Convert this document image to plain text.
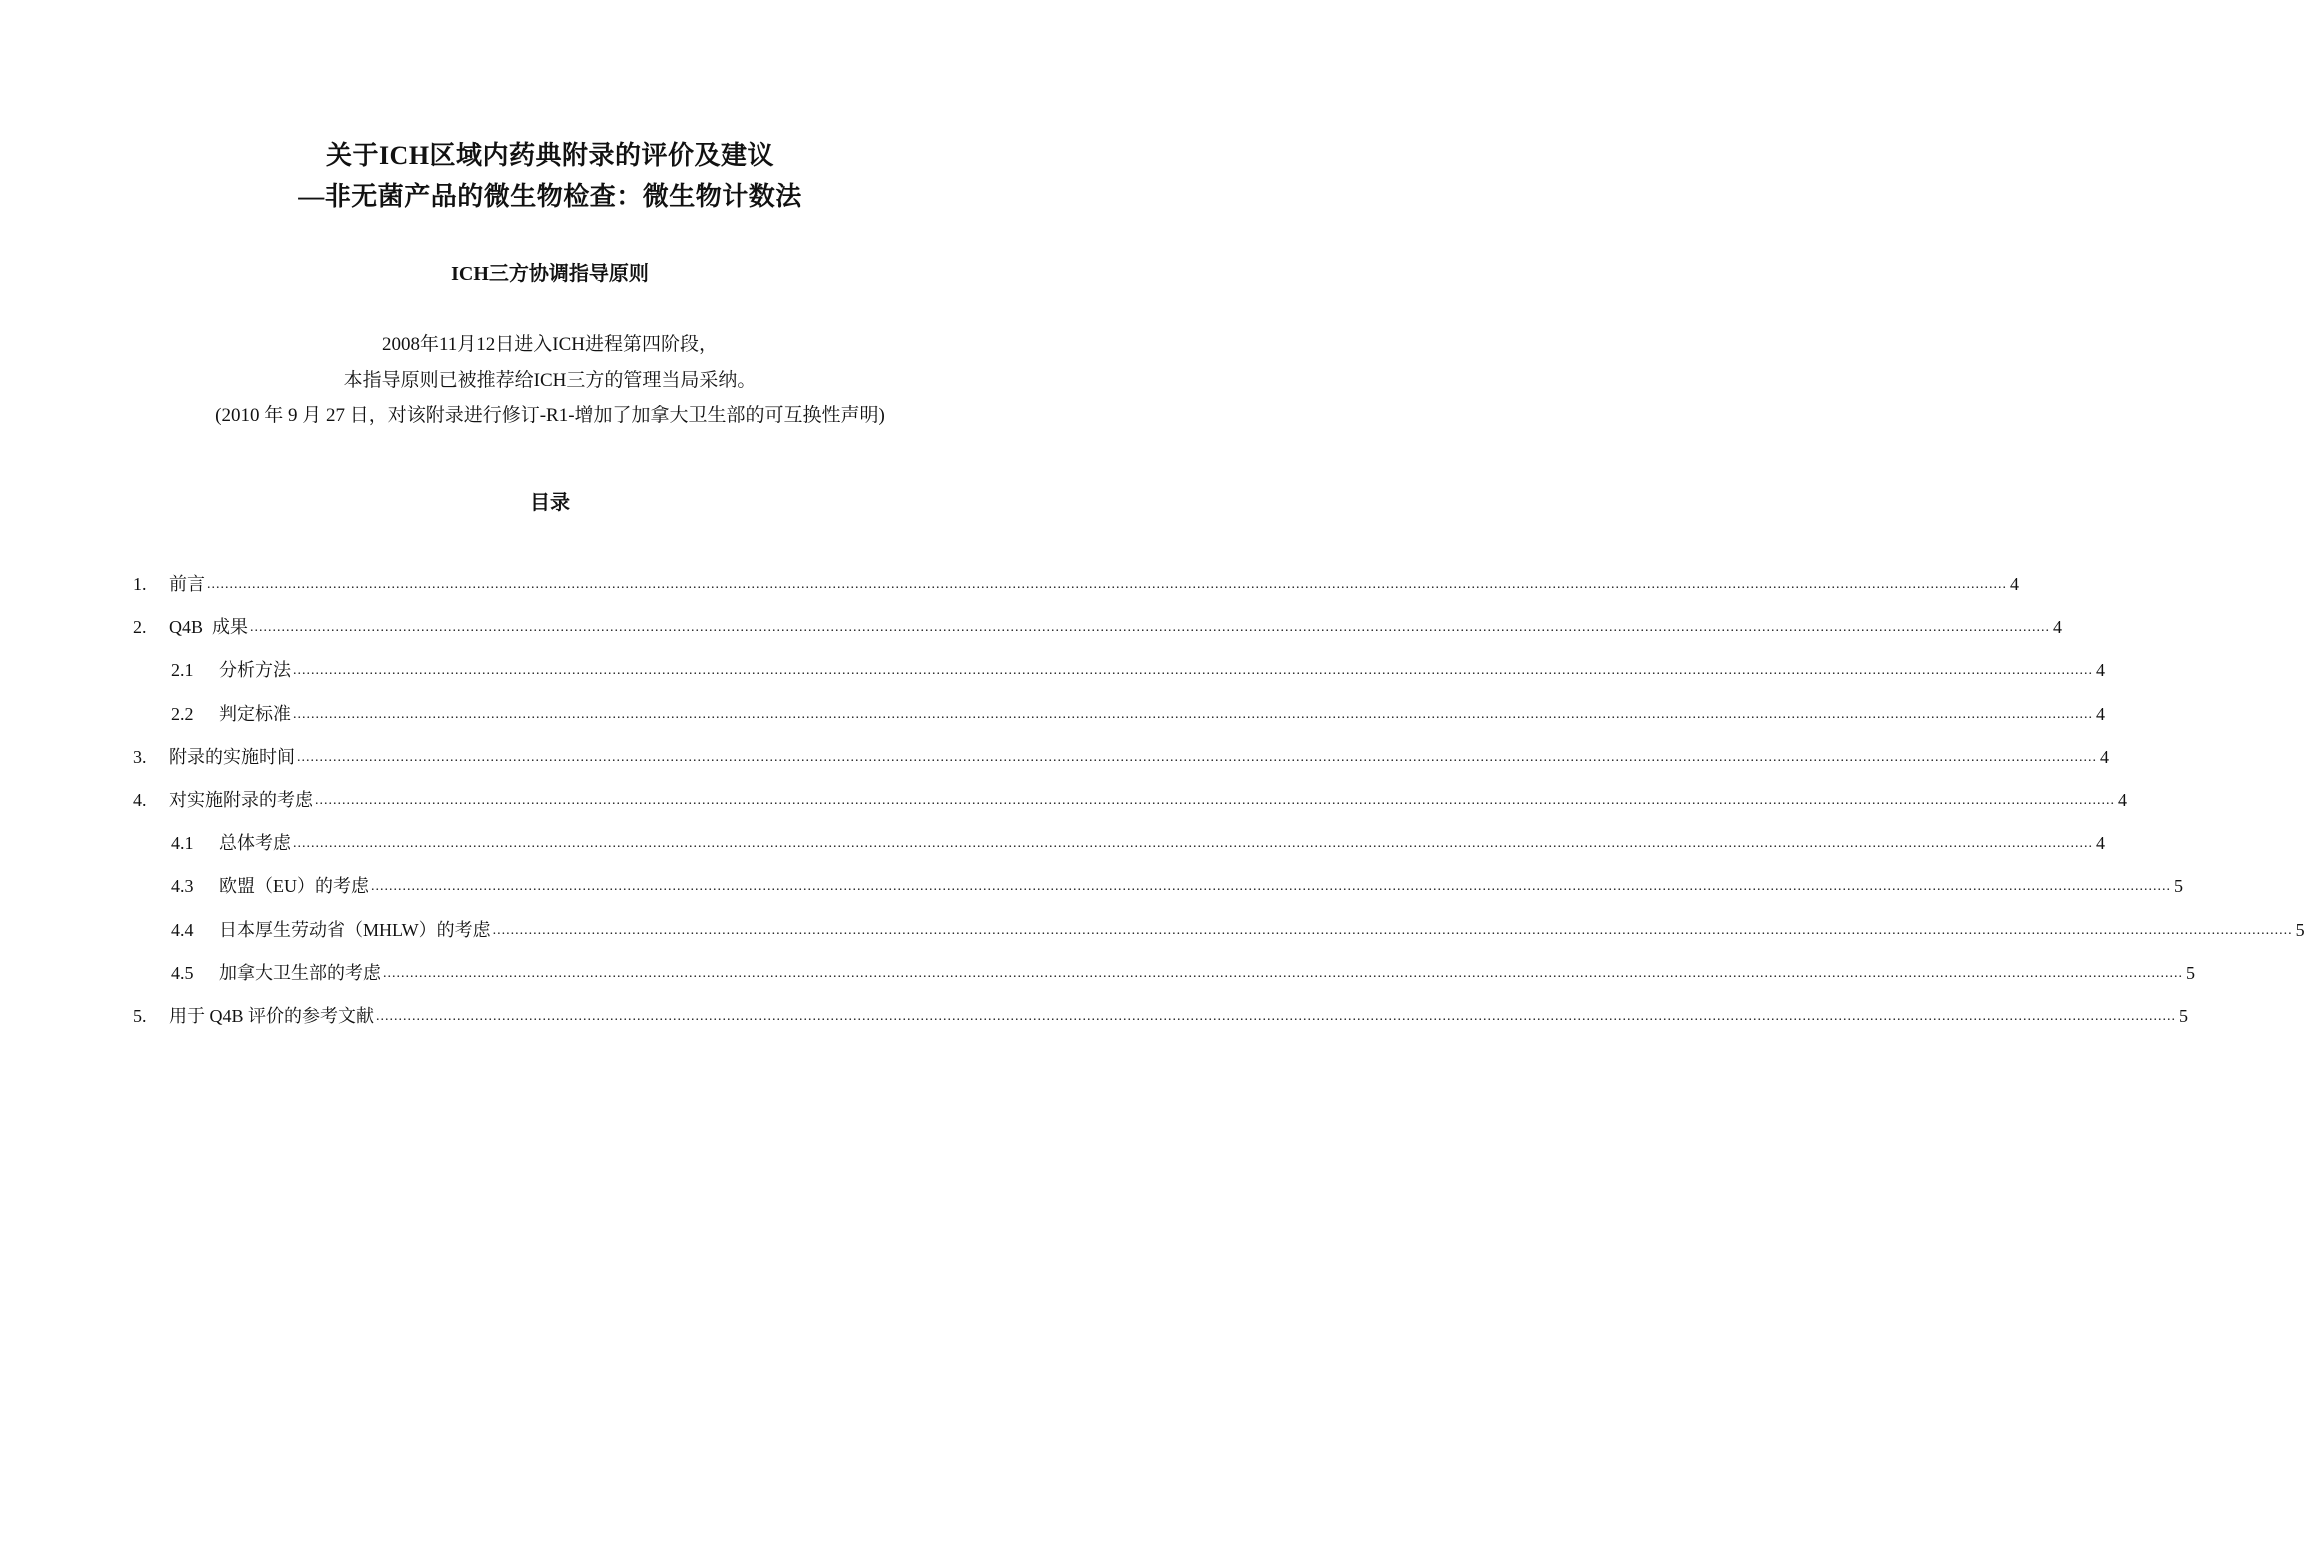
关于ICH区域内药典附录的评价及建议
—非无菌产品的微生物检查：微生物计数法
ICH三方协调指导原则
2008年11月12日进入ICH进程第四阶段，
本指导原则已被推荐给ICH三方的管理当局采纳。
(2010 年 9 月 27 日，对该附录进行修订-R1-增加了加拿大卫生部的可互换性声明)
目录
1.	前言 ................................................................................................................................................................................................................................................................................................................................................................................................................ 4
2.	Q4B  成果 ................................................................................................................................................................................................................................................................................................................................................................................................................ 4
2.1	分析方法 ................................................................................................................................................................................................................................................................................................................................................................................................................ 4
2.2	判定标准 ................................................................................................................................................................................................................................................................................................................................................................................................................ 4
3.	附录的实施时间 ................................................................................................................................................................................................................................................................................................................................................................................................................ 4
4.	对实施附录的考虑 ................................................................................................................................................................................................................................................................................................................................................................................................................ 4
4.1	总体考虑 ................................................................................................................................................................................................................................................................................................................................................................................................................ 4
4.3	欧盟（EU）的考虑 ................................................................................................................................................................................................................................................................................................................................................................................................................ 5
4.4	日本厚生劳动省（MHLW）的考虑 ................................................................................................................................................................................................................................................................................................................................................................................................................ 5
4.5	加拿大卫生部的考虑 ................................................................................................................................................................................................................................................................................................................................................................................................................ 5
5.	用于 Q4B 评价的参考文献 ................................................................................................................................................................................................................................................................................................................................................................................................................ 5
